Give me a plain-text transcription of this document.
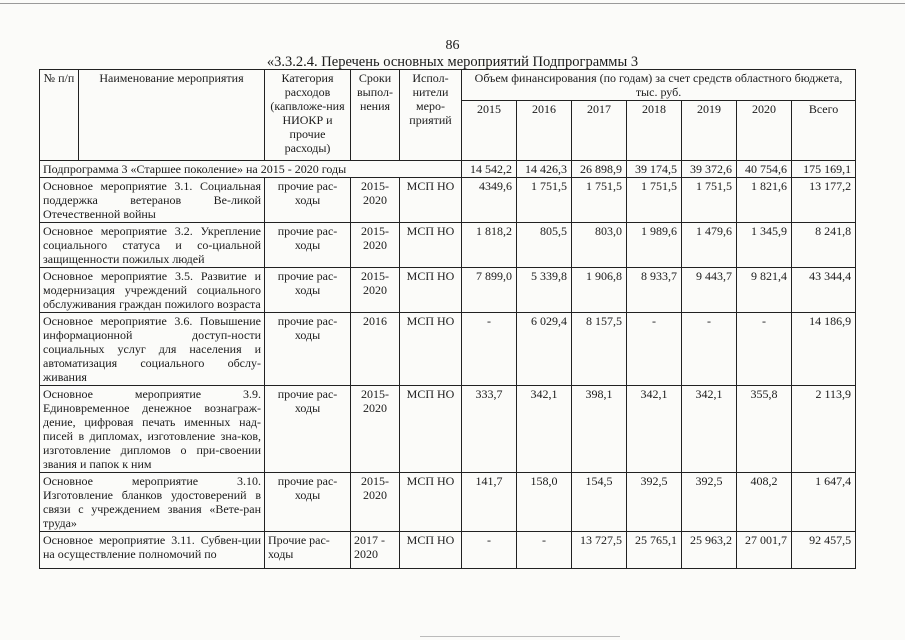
86
«3.3.2.4. Перечень основных мероприятий Подпрограммы 3
№ п/п	Наименование мероприятия	Категория расходов (капвложе-ния НИОКР и прочие расходы)	Сроки выпол-нения	Испол-нители меро-приятий	Объем финансирования (по годам) за счет средств областного бюджета, тыс. руб.						
					2015	2016	2017	2018	2019	2020	Всего
Подпрограмма 3 «Старшее поколение» на 2015 - 2020 годы					14 542,2	14 426,3	26 898,9	39 174,5	39 372,6	40 754,6	175 169,1
Основное мероприятие 3.1. Социальная поддержка ветеранов Ве-ликой Отечественной войны		прочие рас-ходы	2015-2020	МСП НО	4349,6	1 751,5	1 751,5	1 751,5	1 751,5	1 821,6	13 177,2
Основное мероприятие 3.2. Укрепление социального статуса и со-циальной защищенности пожилых людей		прочие рас-ходы	2015-2020	МСП НО	1 818,2	805,5	803,0	1 989,6	1 479,6	1 345,9	8 241,8
Основное мероприятие 3.5. Развитие и модернизация учреждений социального обслуживания граждан пожилого возраста		прочие рас-ходы	2015-2020	МСП НО	7 899,0	5 339,8	1 906,8	8 933,7	9 443,7	9 821,4	43 344,4
Основное мероприятие 3.6. Повышение информационной доступ-ности социальных услуг для населения и автоматизация социального обслу-живания		прочие рас-ходы	2016	МСП НО	-	6 029,4	8 157,5	-	-	-	14 186,9
Основное мероприятие 3.9. Единовременное денежное вознаграж-дение, цифровая печать именных над-писей в дипломах, изготовление зна-ков, изготовление дипломов о при-своении звания и папок к ним		прочие рас-ходы	2015-2020	МСП НО	333,7	342,1	398,1	342,1	342,1	355,8	2 113,9
Основное мероприятие 3.10. Изготовление бланков удостоверений в связи с учреждением звания «Вете-ран труда»		прочие рас-ходы	2015-2020	МСП НО	141,7	158,0	154,5	392,5	392,5	408,2	1 647,4
Основное мероприятие 3.11. Субвен-ции на осуществление полномочий по		Прочие рас-ходы	2017 - 2020	МСП НО	-	-	13 727,5	25 765,1	25 963,2	27 001,7	92 457,5
